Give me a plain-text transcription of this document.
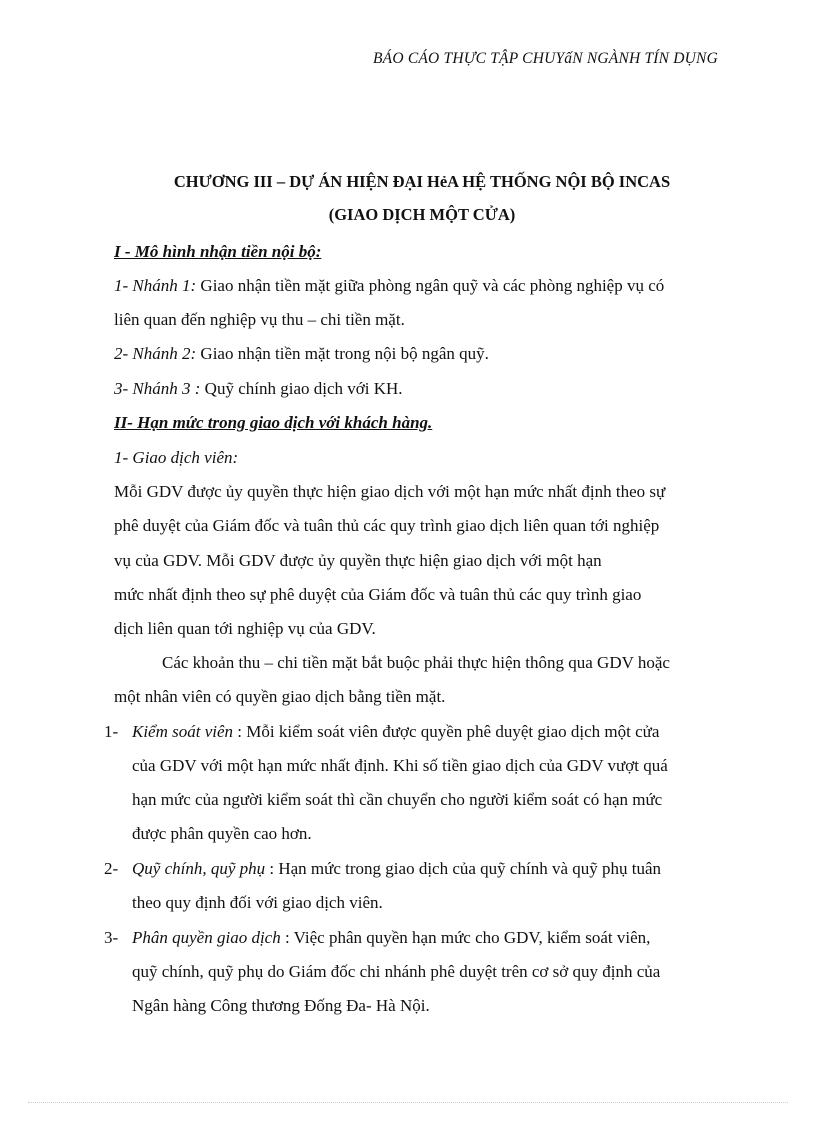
BÁO CÁO THỰC TẬP CHUYấN NGÀNH TÍN DỤNG
CHƯƠNG III – DỰ ÁN HIỆN ĐẠI HẻA HỆ THỐNG NỘI BỘ INCAS
(GIAO DỊCH MỘT CỬA)
I - Mô hình nhận tiền nội bộ:
1- Nhánh 1: Giao nhận tiền mặt giữa phòng ngân quỹ và các phòng nghiệp vụ có
liên quan đến nghiệp vụ thu – chi tiền mặt.
2- Nhánh 2: Giao nhận tiền mặt trong nội bộ ngân quỹ.
3- Nhánh 3 : Quỹ chính giao dịch với KH.
II- Hạn mức trong giao dịch với khách hàng.
1- Giao dịch viên:
Mỗi GDV được ủy quyền thực hiện giao dịch với một hạn mức nhất định theo sự
phê duyệt của Giám đốc và tuân thủ các quy trình giao dịch liên quan tới nghiệp
vụ của GDV. Mỗi GDV được ủy quyền thực hiện giao dịch với một hạn
mức nhất định theo sự phê duyệt của Giám đốc và tuân thủ các quy trình giao
dịch liên quan tới nghiệp vụ của GDV.
Các khoản thu – chi tiền mặt bắt buộc phải thực hiện thông qua GDV hoặc
một nhân viên có quyền giao dịch bằng tiền mặt.
1- Kiểm soát viên : Mỗi kiểm soát viên được quyền phê duyệt giao dịch một cửa
của GDV với một hạn mức nhất định. Khi số tiền giao dịch của GDV vượt quá
hạn mức của người kiểm soát thì cần chuyển cho người kiểm soát có hạn mức
được phân quyền cao hơn.
2- Quỹ chính, quỹ phụ : Hạn mức trong giao dịch của quỹ chính và quỹ phụ tuân
theo quy định đối với giao dịch viên.
3- Phân quyền giao dịch : Việc phân quyền hạn mức cho GDV, kiểm soát viên,
quỹ chính, quỹ phụ do Giám đốc chi nhánh phê duyệt trên cơ sở quy định của
Ngân hàng Công thương Đống Đa- Hà Nội.
